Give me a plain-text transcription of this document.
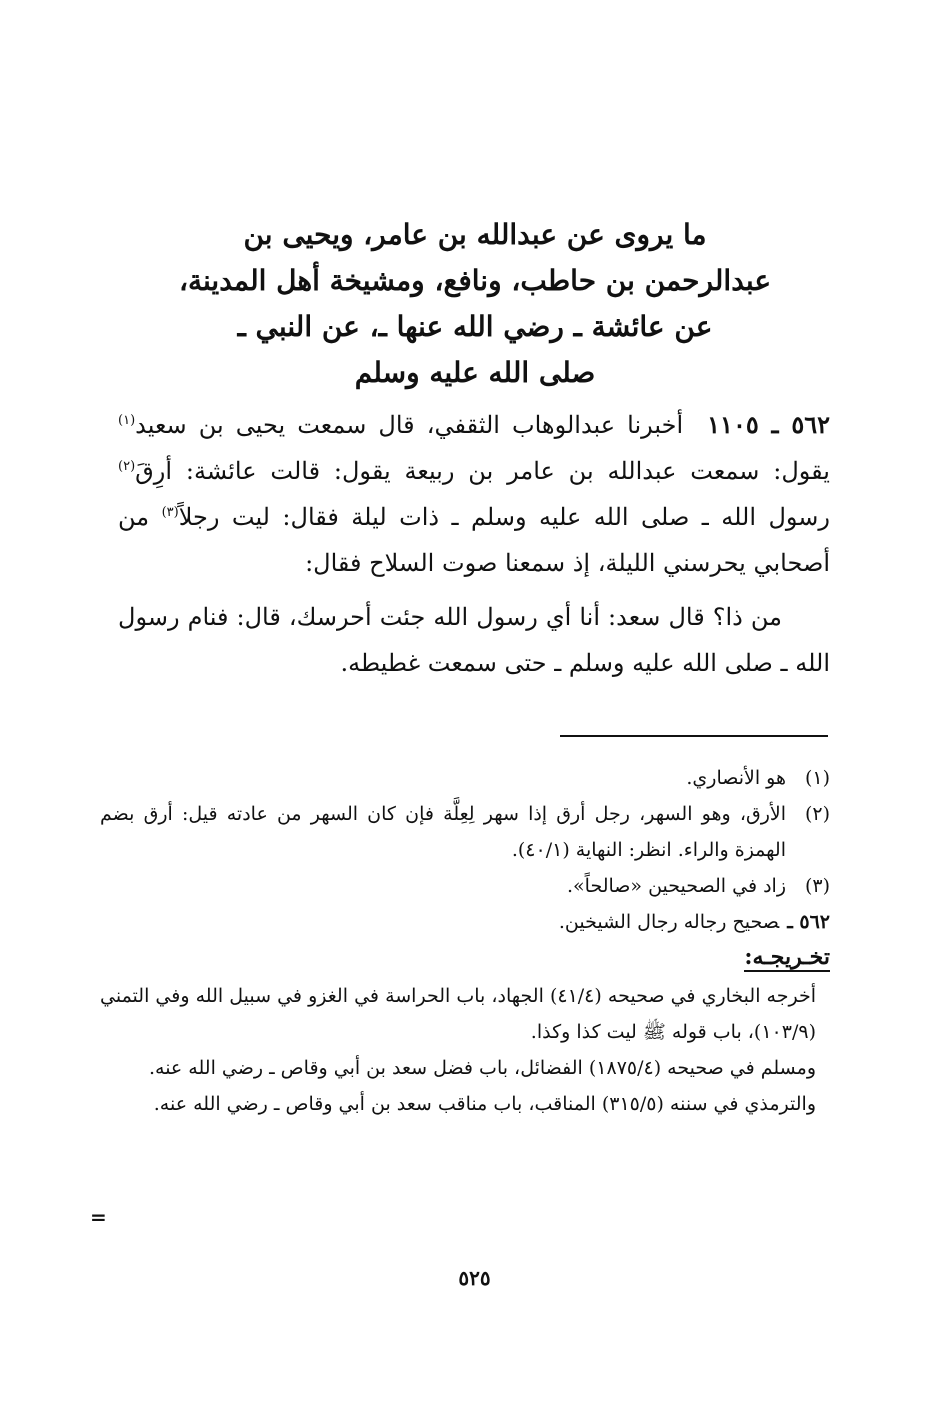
ما يروى عن عبدالله بن عامر، ويحيى بن
عبدالرحمن بن حاطب، ونافع، ومشيخة أهل المدينة،
عن عائشة ـ رضي الله عنها ـ، عن النبي ـ
صلى الله عليه وسلم

٥٦٢ ـ ١١٠٥أخبرنا عبدالوهاب الثقفي، قال سمعت يحيى بن سعيد$^{(١)}$ يقول: سمعت عبدالله بن عامر بن ربيعة يقول: قالت عائشة: أرِقَ$^{(٢)}$ رسول الله ـ صلى الله عليه وسلم ـ ذات ليلة فقال: ليت رجلاً$^{(٣)}$ من أصحابي يحرسني الليلة، إذ سمعنا صوت السلاح فقال:

من ذا؟ قال سعد: أنا أي رسول الله جئت أحرسك، قال: فنام رسول الله ـ صلى الله عليه وسلم ـ حتى سمعت غطيطه.

(١)
هو الأنصاري.
(٢)
الأرق، وهو السهر، رجل أرق إذا سهر لِعِلَّة فإن كان السهر من عادته قيل: أرق بضم الهمزة والراء. انظر: النهاية (٤٠/١).
(٣)
زاد في الصحيحين «صالحاً».
٥٦٢ ـصحيح رجاله رجال الشيخين.
تخـريجـه:

أخرجه البخاري في صحيحه (٤١/٤) الجهاد، باب الحراسة في الغزو في سبيل الله وفي التمني (١٠٣/٩)، باب قوله ﷺ ليت كذا وكذا.

ومسلم في صحيحه (١٨٧٥/٤) الفضائل، باب فضل سعد بن أبي وقاص ـ رضي الله عنه.

والترمذي في سننه (٣١٥/٥) المناقب، باب مناقب سعد بن أبي وقاص ـ رضي الله عنه.

=
٥٢٥
